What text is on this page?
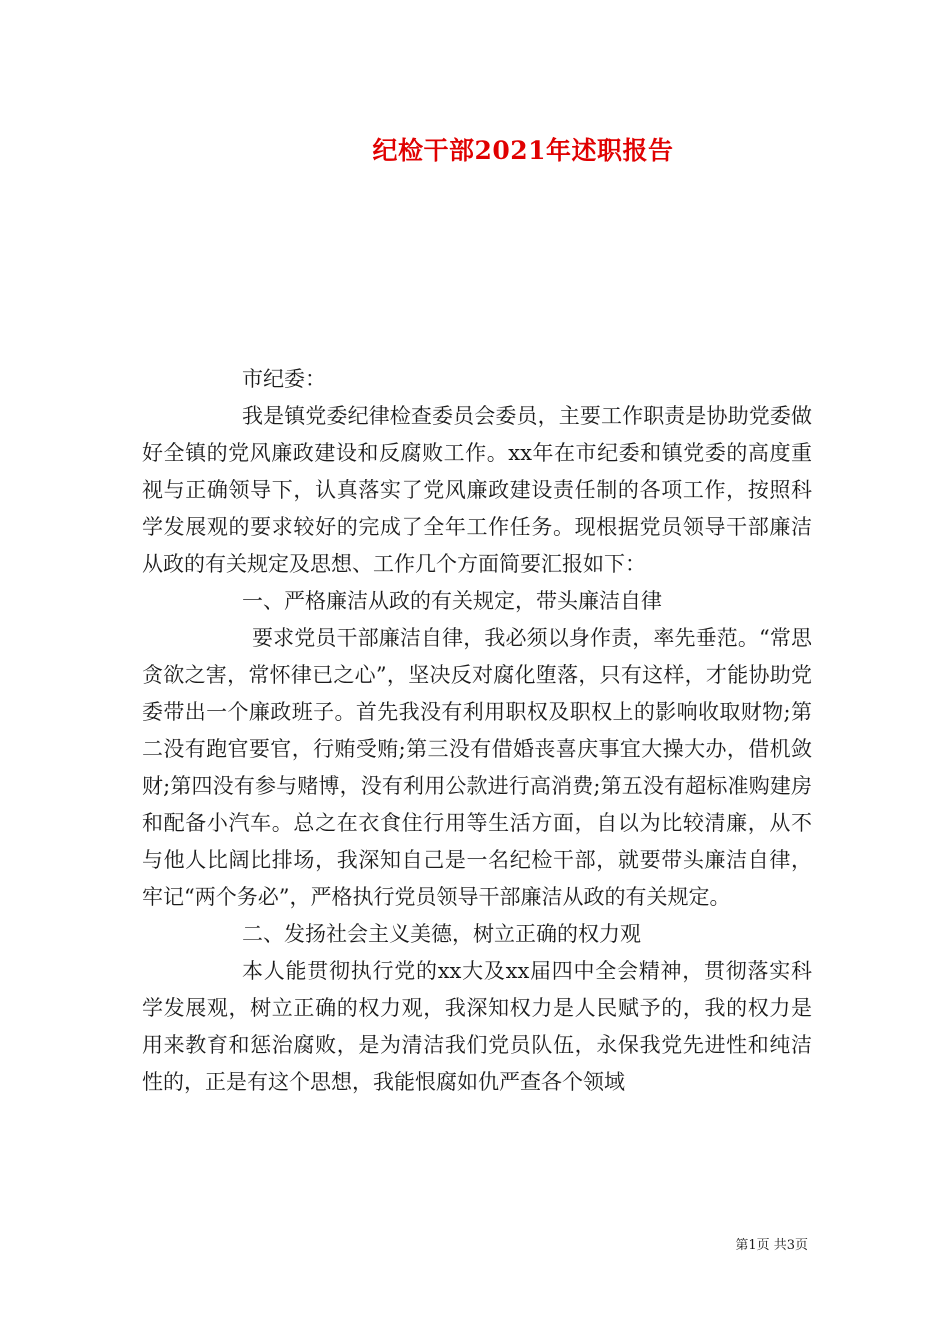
纪检干部2021年述职报告

市纪委：

我是镇党委纪律检查委员会委员，主要工作职责是协助党委做好全镇的党风廉政建设和反腐败工作。xx年在市纪委和镇党委的高度重视与正确领导下，认真落实了党风廉政建设责任制的各项工作，按照科学发展观的要求较好的完成了全年工作任务。现根据党员领导干部廉洁从政的有关规定及思想、工作几个方面简要汇报如下：

一、严格廉洁从政的有关规定，带头廉洁自律

要求党员干部廉洁自律，我必须以身作责，率先垂范。“常思贪欲之害，常怀律已之心”，坚决反对腐化堕落，只有这样，才能协助党委带出一个廉政班子。首先我没有利用职权及职权上的影响收取财物;第二没有跑官要官，行贿受贿;第三没有借婚丧喜庆事宜大操大办，借机敛财;第四没有参与赌博，没有利用公款进行高消费;第五没有超标准购建房和配备小汽车。总之在衣食住行用等生活方面，自以为比较清廉，从不与他人比阔比排场，我深知自己是一名纪检干部，就要带头廉洁自律，牢记“两个务必”，严格执行党员领导干部廉洁从政的有关规定。

二、发扬社会主义美德，树立正确的权力观

本人能贯彻执行党的xx大及xx届四中全会精神，贯彻落实科学发展观，树立正确的权力观，我深知权力是人民赋予的，我的权力是用来教育和惩治腐败，是为清洁我们党员队伍，永保我党先进性和纯洁性的，正是有这个思想，我能恨腐如仇严查各个领域

第1页 共3页
